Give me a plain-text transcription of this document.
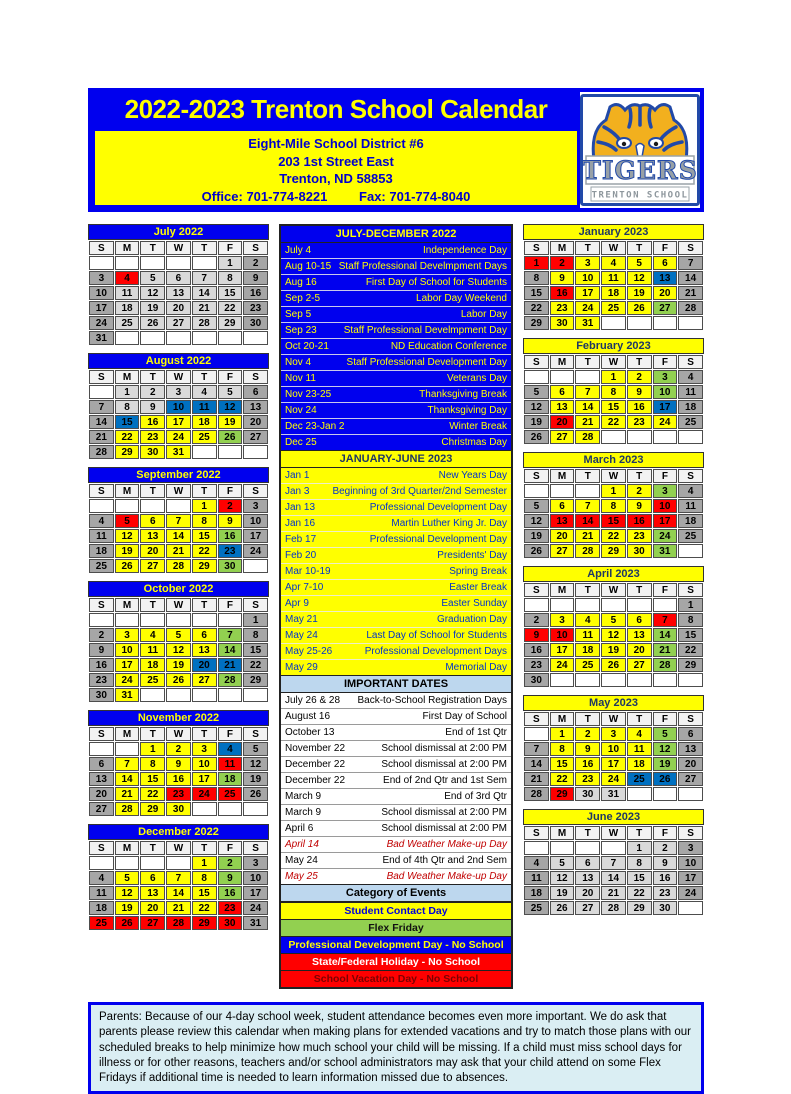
2022-2023 Trenton School Calendar
Eight-Mile School District #6
203 1st Street East
Trenton, ND 58853
Office: 701-774-8221 Fax: 701-774-8040
TIGERS
TRENTON SCHOOL
July 2022
S	M	T	W	T	F	S
					1	2
3	4	5	6	7	8	9
10	11	12	13	14	15	16
17	18	19	20	21	22	23
24	25	26	27	28	29	30
31						
August 2022
S	M	T	W	T	F	S
	1	2	3	4	5	6
7	8	9	10	11	12	13
14	15	16	17	18	19	20
21	22	23	24	25	26	27
28	29	30	31			
September 2022
S	M	T	W	T	F	S
				1	2	3
4	5	6	7	8	9	10
11	12	13	14	15	16	17
18	19	20	21	22	23	24
25	26	27	28	29	30	
October 2022
S	M	T	W	T	F	S
						1
2	3	4	5	6	7	8
9	10	11	12	13	14	15
16	17	18	19	20	21	22
23	24	25	26	27	28	29
30	31					
November 2022
S	M	T	W	T	F	S
		1	2	3	4	5
6	7	8	9	10	11	12
13	14	15	16	17	18	19
20	21	22	23	24	25	26
27	28	29	30			
December 2022
S	M	T	W	T	F	S
				1	2	3
4	5	6	7	8	9	10
11	12	13	14	15	16	17
18	19	20	21	22	23	24
25	26	27	28	29	30	31
JULY-DECEMBER 2022
July 4	Independence Day
Aug 10-15 Staff Professional Develmpment Days
Aug 16	First Day of School for Students
Sep 2-5	Labor Day Weekend
Sep 5	Labor Day
Sep 23	Staff Professional Develmpment Day
Oct 20-21	ND Education Conference
Nov 4	Staff Professional Development Day
Nov 11	Veterans Day
Nov 23-25	Thanksgiving Break
Nov 24	Thanksgiving Day
Dec 23-Jan 2	Winter Break
Dec 25	Christmas Day
JANUARY-JUNE 2023
Jan 1	New Years Day
Jan 3 Beginning of 3rd Quarter/2nd Semester
Jan 13	Professional Development Day
Jan 16	Martin Luther King Jr. Day
Feb 17	Professional Development Day
Feb 20	Presidents' Day
Mar 10-19	Spring Break
Apr 7-10	Easter Break
Apr 9	Easter Sunday
May 21	Graduation Day
May 24	Last Day of School for Students
May 25-26	Professional Development Days
May 29	Memorial Day
IMPORTANT DATES
July 26 & 28 Back-to-School Registration Days
August 16	First Day of School
October 13	End of 1st Qtr
November 22	School dismissal at 2:00 PM
December 22	School dismissal at 2:00 PM
December 22	End of 2nd Qtr and 1st Sem
March 9	End of 3rd Qtr
March 9	School dismissal at 2:00 PM
April 6	School dismissal at 2:00 PM
April 14	Bad Weather Make-up Day
May 24	End of 4th Qtr and 2nd Sem
May 25	Bad Weather Make-up Day
Category of Events
Student Contact Day
Flex Friday
Professional Development Day - No School
State/Federal Holiday - No School
School Vacation Day - No School
January 2023
S	M	T	W	T	F	S
1	2	3	4	5	6	7
8	9	10	11	12	13	14
15	16	17	18	19	20	21
22	23	24	25	26	27	28
29	30	31				
February 2023
S	M	T	W	T	F	S
			1	2	3	4
5	6	7	8	9	10	11
12	13	14	15	16	17	18
19	20	21	22	23	24	25
26	27	28				
March 2023
S	M	T	W	T	F	S
			1	2	3	4
5	6	7	8	9	10	11
12	13	14	15	16	17	18
19	20	21	22	23	24	25
26	27	28	29	30	31	
April 2023
S	M	T	W	T	F	S
						1
2	3	4	5	6	7	8
9	10	11	12	13	14	15
16	17	18	19	20	21	22
23	24	25	26	27	28	29
30						
May 2023
S	M	T	W	T	F	S
	1	2	3	4	5	6
7	8	9	10	11	12	13
14	15	16	17	18	19	20
21	22	23	24	25	26	27
28	29	30	31			
June 2023
S	M	T	W	T	F	S
				1	2	3
4	5	6	7	8	9	10
11	12	13	14	15	16	17
18	19	20	21	22	23	24
25	26	27	28	29	30	
Parents: Because of our 4-day school week, student attendance becomes even more important. We do ask that parents please review this calendar when making plans for extended vacations and try to match those plans with our scheduled breaks to help minimize how much school your child will be missing. If a child must miss school days for illness or for other reasons, teachers and/or school administrators may ask that your child attend on some Flex Fridays if additional time is needed to learn information missed due to absences.
